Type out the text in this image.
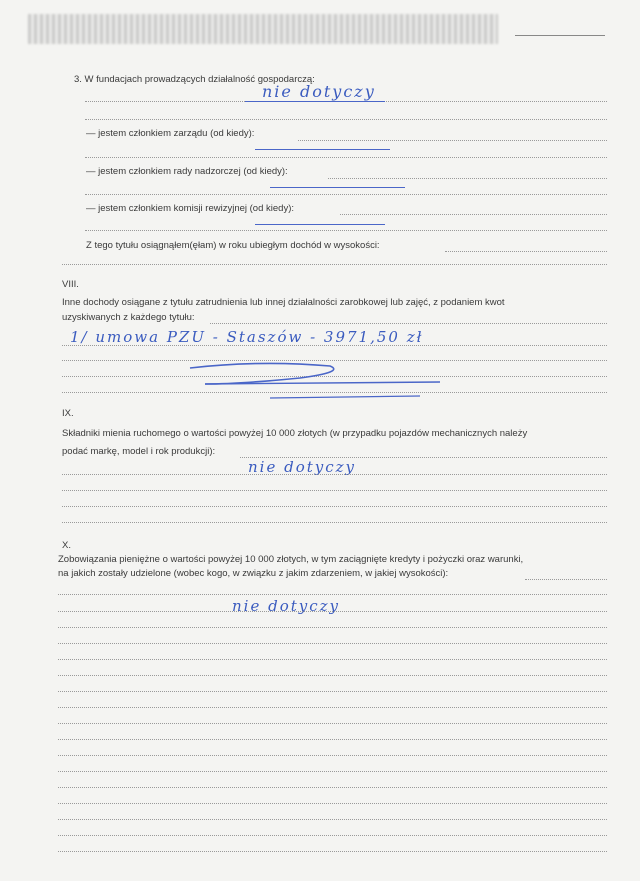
3. W fundacjach prowadzących działalność gospodarczą:
nie dotyczy
— jestem członkiem zarządu (od kiedy):
— jestem członkiem rady nadzorczej (od kiedy):
— jestem członkiem komisji rewizyjnej (od kiedy):
Z tego tytułu osiągnąłem(ęłam) w roku ubiegłym dochód w wysokości:
VIII.
Inne dochody osiągane z tytułu zatrudnienia lub innej działalności zarobkowej lub zajęć, z podaniem kwot
uzyskiwanych z każdego tytułu:
1/ umowa PZU - Staszów - 3971,50 zł
IX.
Składniki mienia ruchomego o wartości powyżej 10 000 złotych (w przypadku pojazdów mechanicznych należy
podać markę, model i rok produkcji):
nie dotyczy
X.
Zobowiązania pieniężne o wartości powyżej 10 000 złotych, w tym zaciągnięte kredyty i pożyczki oraz warunki,
na jakich zostały udzielone (wobec kogo, w związku z jakim zdarzeniem, w jakiej wysokości):
nie dotyczy
